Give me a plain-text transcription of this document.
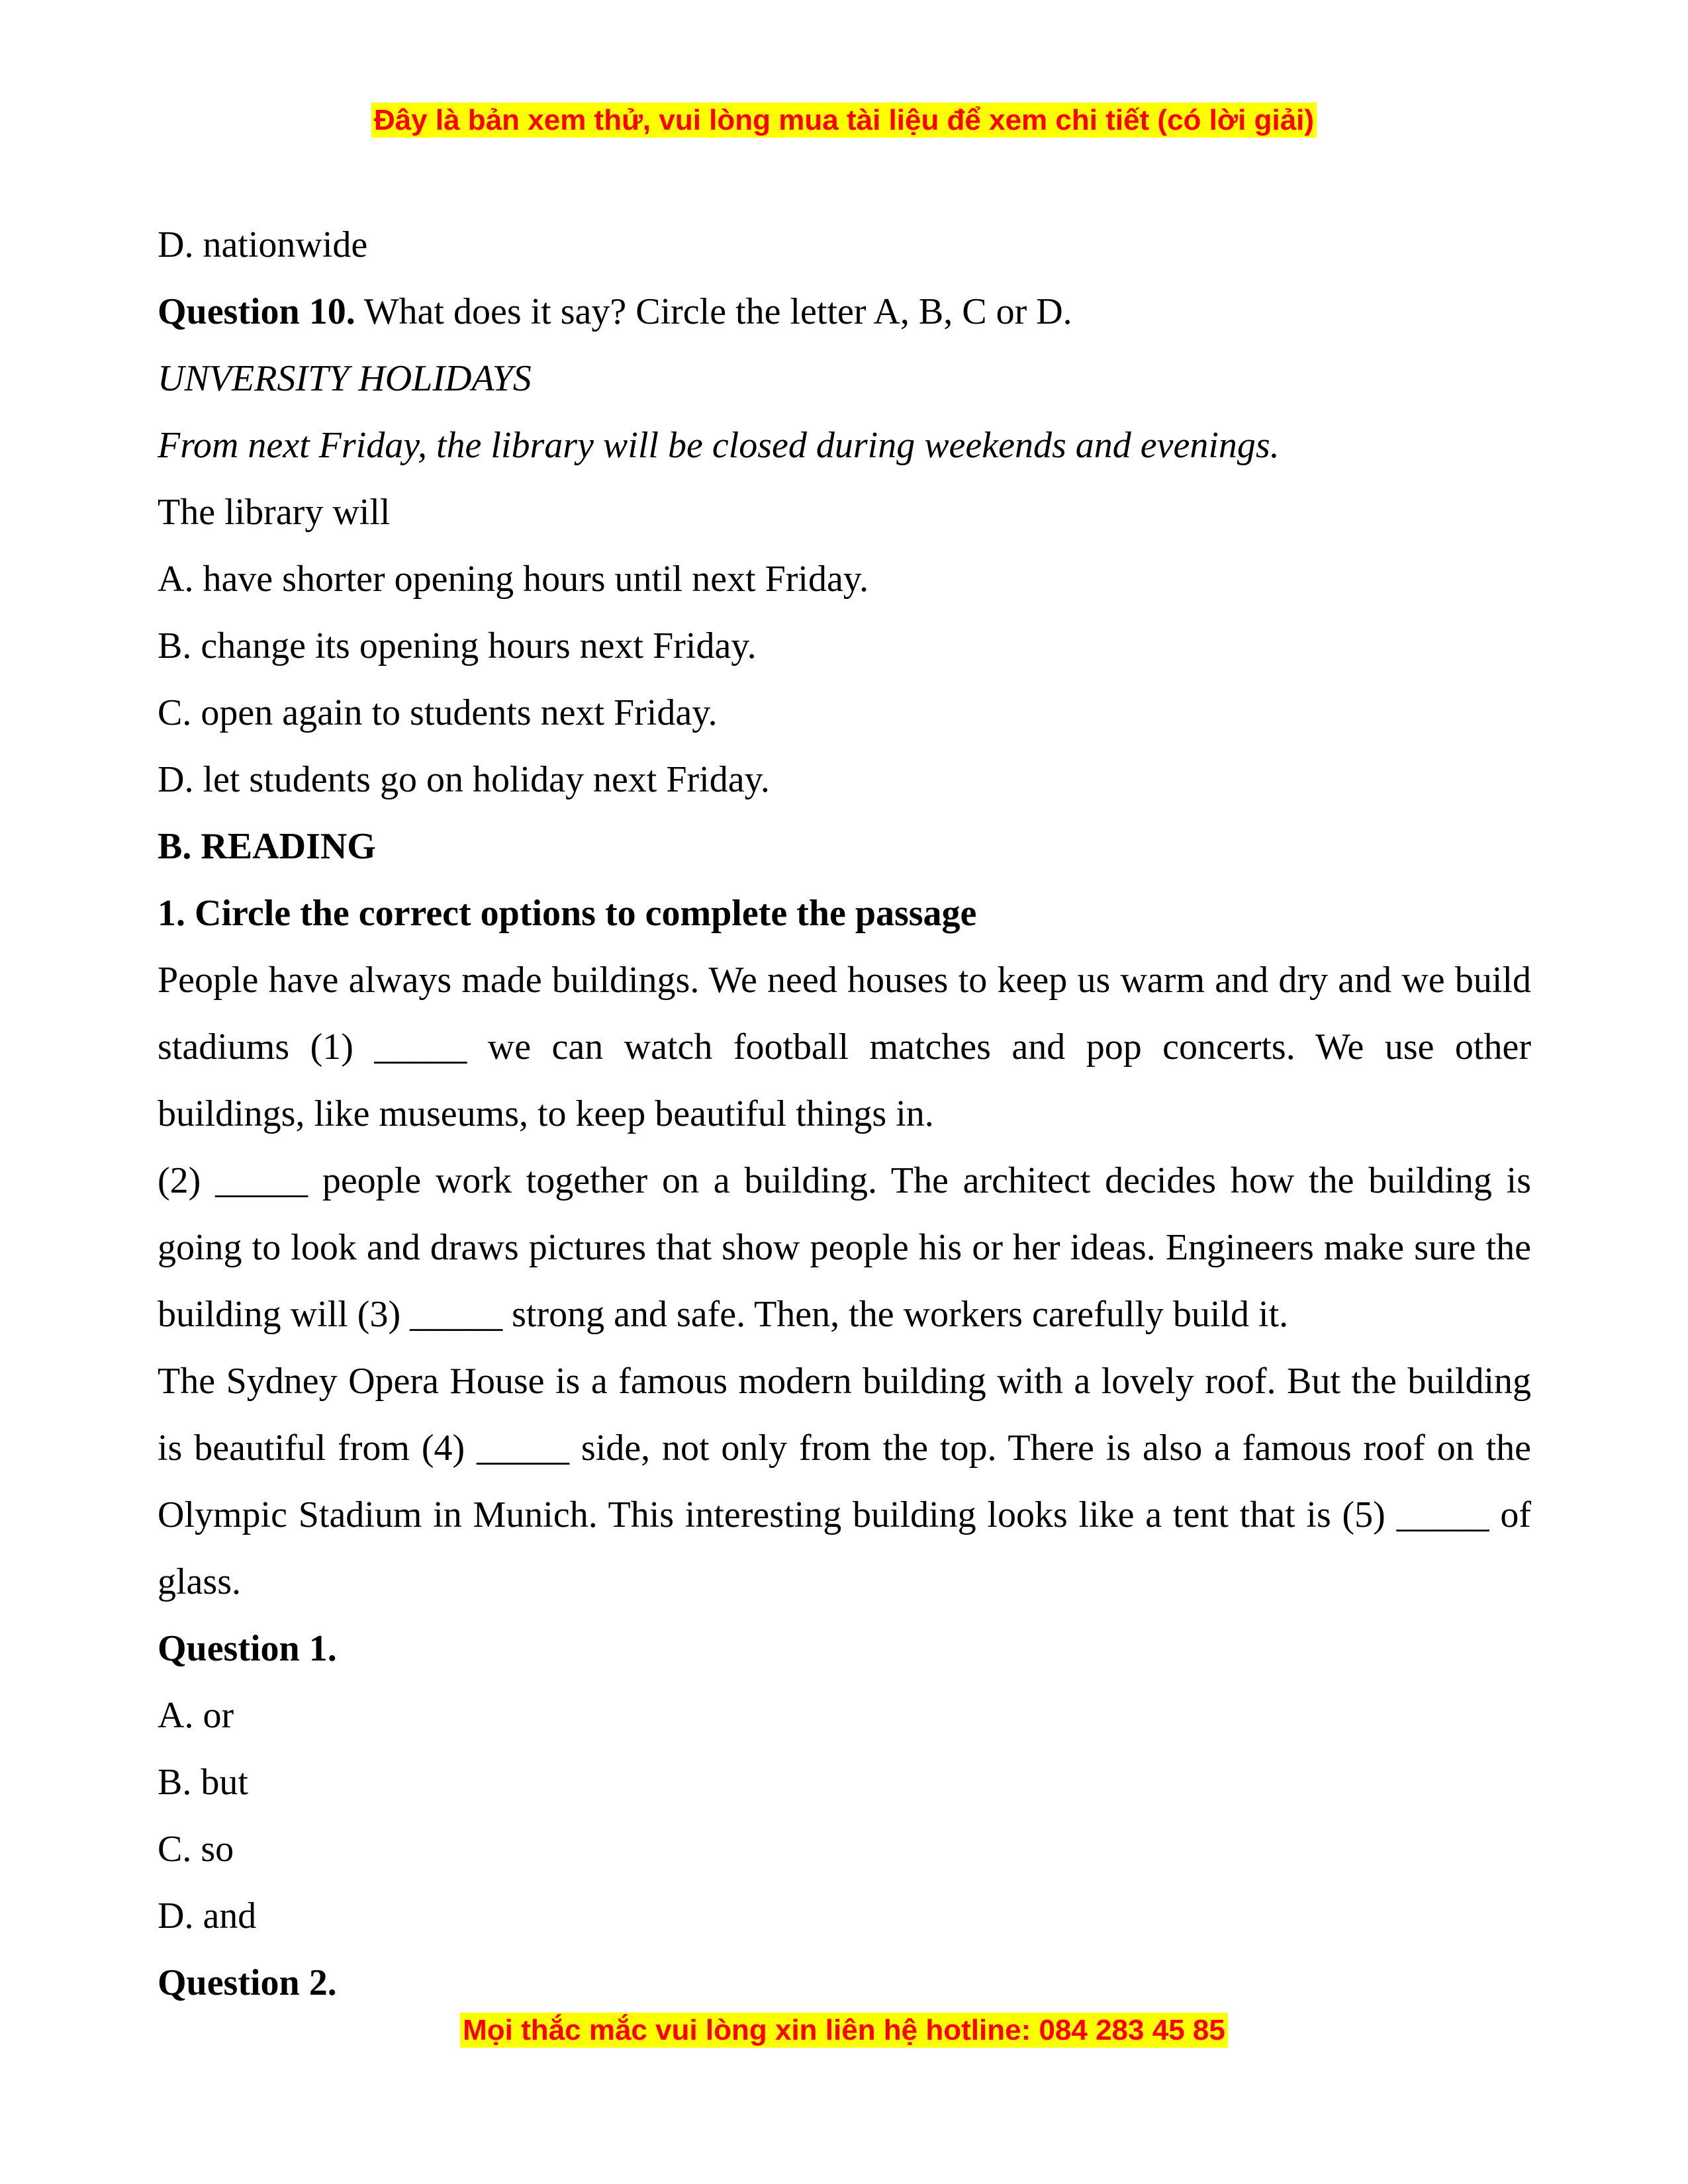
Đây là bản xem thử, vui lòng mua tài liệu để xem chi tiết (có lời giải)

D. nationwide

Question 10. What does it say? Circle the letter A, B, C or D.

UNVERSITY HOLIDAYS

From next Friday, the library will be closed during weekends and evenings.

The library will

A. have shorter opening hours until next Friday.

B. change its opening hours next Friday.

C. open again to students next Friday.

D. let students go on holiday next Friday.

B. READING

1. Circle the correct options to complete the passage

People have always made buildings. We need houses to keep us warm and dry and we build stadiums (1) _____ we can watch football matches and pop concerts. We use other buildings, like museums, to keep beautiful things in.

(2) _____ people work together on a building. The architect decides how the building is going to look and draws pictures that show people his or her ideas. Engineers make sure the building will (3) _____ strong and safe. Then, the workers carefully build it.

The Sydney Opera House is a famous modern building with a lovely roof. But the building is beautiful from (4) _____ side, not only from the top. There is also a famous roof on the Olympic Stadium in Munich. This interesting building looks like a tent that is (5) _____ of glass.

Question 1.

A. or

B. but

C. so

D. and

Question 2.

Mọi thắc mắc vui lòng xin liên hệ hotline: 084 283 45 85
